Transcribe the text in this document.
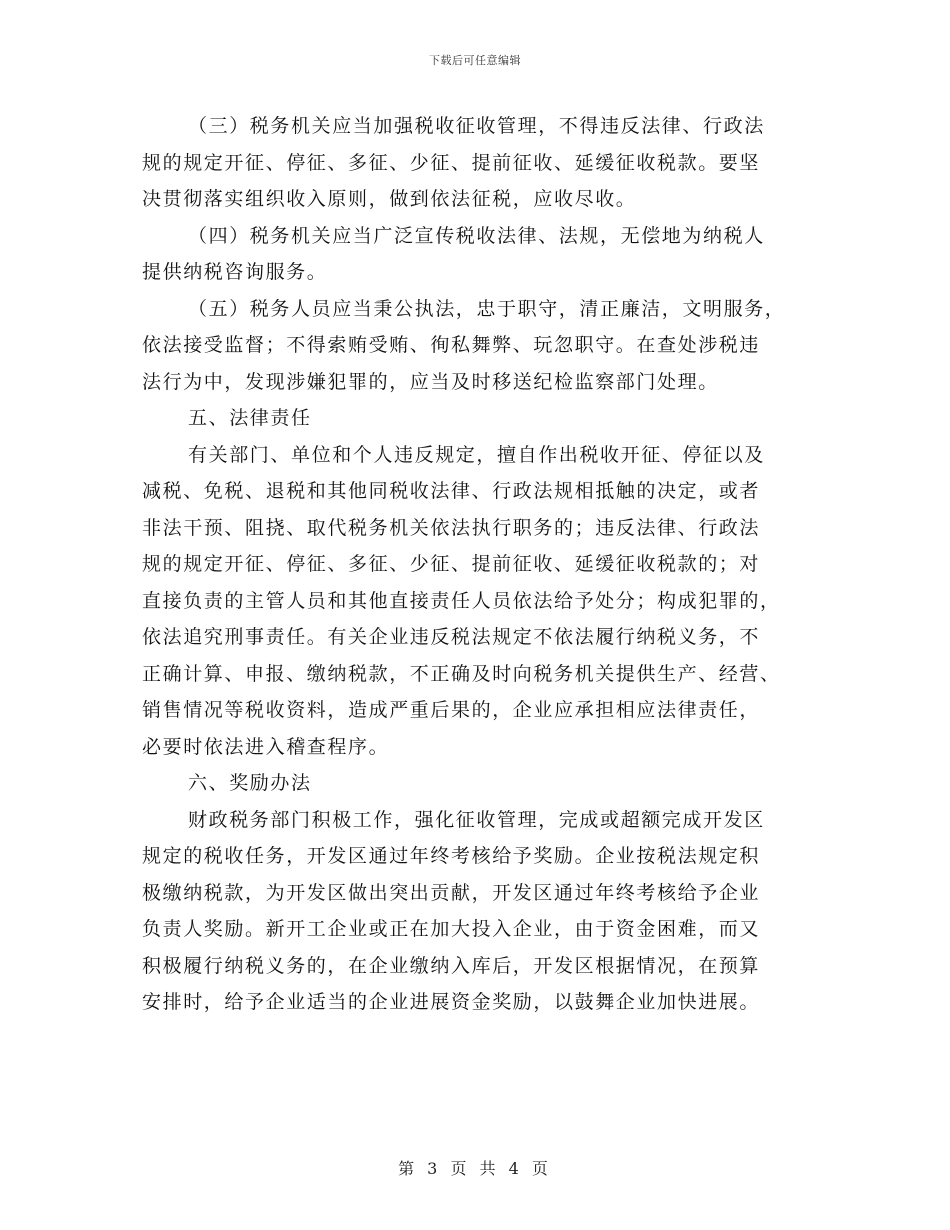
下载后可任意编辑

（三）税务机关应当加强税收征收管理，不得违反法律、行政法
规的规定开征、停征、多征、少征、提前征收、延缓征收税款。要坚
决贯彻落实组织收入原则，做到依法征税，应收尽收。

（四）税务机关应当广泛宣传税收法律、法规，无偿地为纳税人
提供纳税咨询服务。

（五）税务人员应当秉公执法，忠于职守，清正廉洁，文明服务，
依法接受监督；不得索贿受贿、徇私舞弊、玩忽职守。在查处涉税违
法行为中，发现涉嫌犯罪的，应当及时移送纪检监察部门处理。

五、法律责任

有关部门、单位和个人违反规定，擅自作出税收开征、停征以及
减税、免税、退税和其他同税收法律、行政法规相抵触的决定，或者
非法干预、阻挠、取代税务机关依法执行职务的；违反法律、行政法
规的规定开征、停征、多征、少征、提前征收、延缓征收税款的；对
直接负责的主管人员和其他直接责任人员依法给予处分；构成犯罪的，
依法追究刑事责任。有关企业违反税法规定不依法履行纳税义务，不
正确计算、申报、缴纳税款，不正确及时向税务机关提供生产、经营、
销售情况等税收资料，造成严重后果的，企业应承担相应法律责任，
必要时依法进入稽查程序。

六、奖励办法

财政税务部门积极工作，强化征收管理，完成或超额完成开发区
规定的税收任务，开发区通过年终考核给予奖励。企业按税法规定积
极缴纳税款，为开发区做出突出贡献，开发区通过年终考核给予企业
负责人奖励。新开工企业或正在加大投入企业，由于资金困难，而又
积极履行纳税义务的，在企业缴纳入库后，开发区根据情况，在预算
安排时，给予企业适当的企业进展资金奖励，以鼓舞企业加快进展。

第 3 页 共 4 页
